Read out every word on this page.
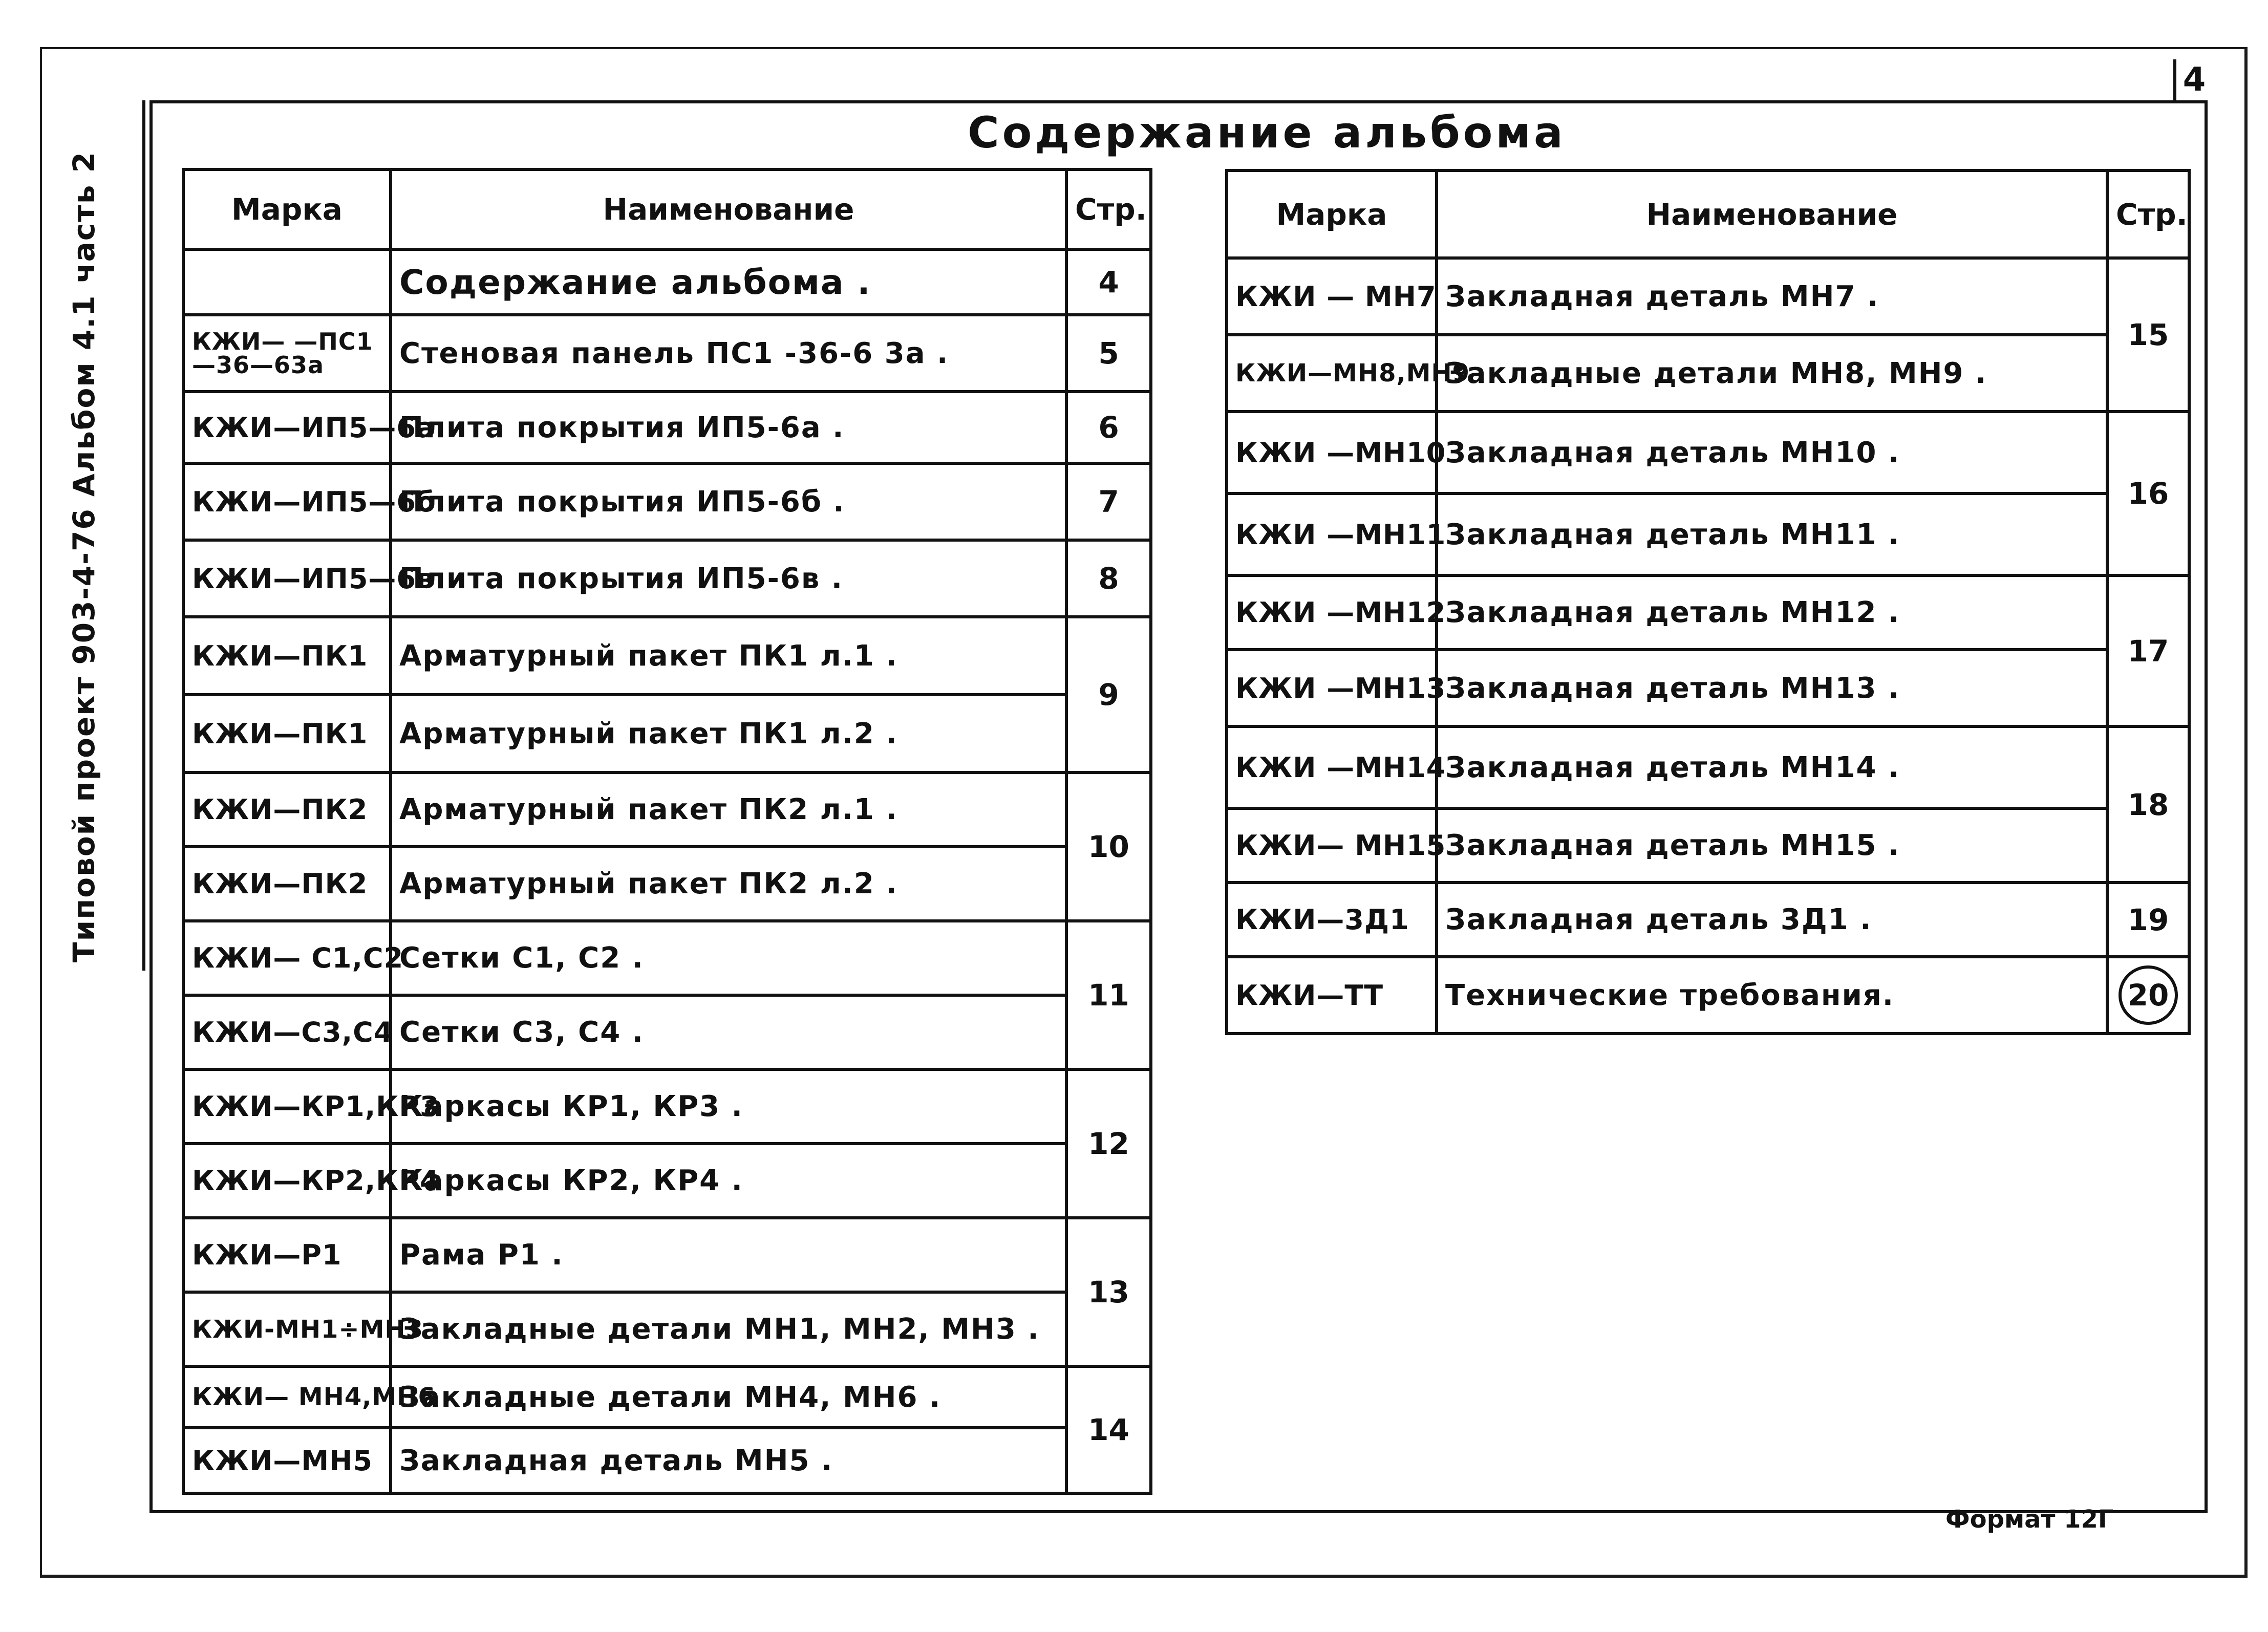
4
Типовой проект 903-4-76 Альбом 4.1 часть 2
Содержание альбома
Марка	Наименование	Стр.
	Содержание альбома .	4
КЖИ— —ПС1—36—63а	Стеновая панель ПС1 -36-6 3а .	5
КЖИ—ИП5—6а	Плита покрытия ИП5-6а .	6
КЖИ—ИП5—6б	Плита покрытия ИП5-6б .	7
КЖИ—ИП5—6в	Плита покрытия ИП5-6в .	8
КЖИ—ПК1	Арматурный пакет ПК1 л.1 .	9
КЖИ—ПК1	Арматурный пакет ПК1 л.2 .	
КЖИ—ПК2	Арматурный пакет ПК2 л.1 .	10
КЖИ—ПК2	Арматурный пакет ПК2 л.2 .	
КЖИ— С1,С2	Сетки С1, С2 .	11
КЖИ—С3,С4	Сетки С3, С4 .	
КЖИ—КР1,КР3	Каркасы КР1, КР3 .	12
КЖИ—КР2,КР4	Каркасы КР2, КР4 .	
КЖИ—Р1	Рама Р1 .	13
КЖИ-МН1÷МН3	Закладные детали МН1, МН2, МН3 .	
КЖИ— МН4,МН6	Закладные детали МН4, МН6 .	14
КЖИ—МН5	Закладная деталь МН5 .	
Марка	Наименование	Стр.
КЖИ — МН7	Закладная деталь МН7 .	15
КЖИ—МН8,МН9	Закладные детали МН8, МН9 .	
КЖИ —МН10	Закладная деталь МН10 .	16
КЖИ —МН11	Закладная деталь МН11 .	
КЖИ —МН12	Закладная деталь МН12 .	17
КЖИ —МН13	Закладная деталь МН13 .	
КЖИ —МН14	Закладная деталь МН14 .	18
КЖИ— МН15	Закладная деталь МН15 .	
КЖИ—3Д1	Закладная деталь 3Д1 .	19
КЖИ—ТТ	Технические требования.	20
Формат 12Г
